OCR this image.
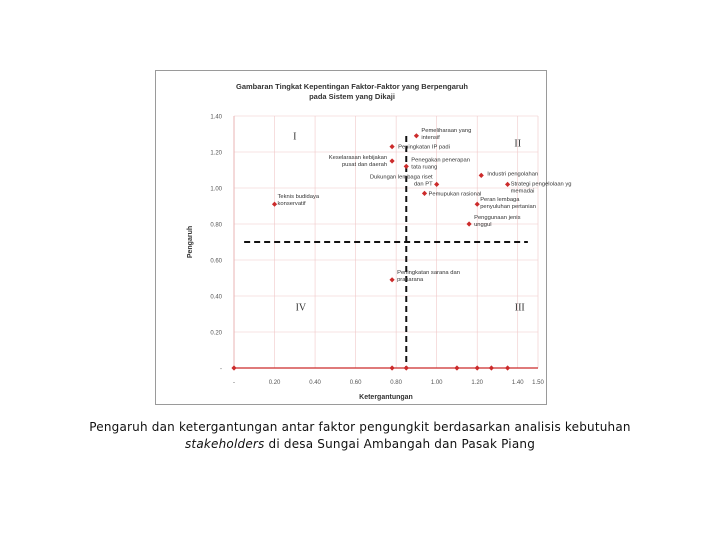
Gambaran Tingkat Kepentingan Faktor-Faktor yang Berpengaruh
pada Sistem yang Dikaji
-
0.20
0.40
0.60
0.80
1.00
1.20
1.40
-	0.20	0.40	0.60	0.80	1.00	1.20	1.40 1.50
Ketergantungan
Pengaruh
I
II
III
IV
Pemeliharaan yang
intensif
Peningkatan IP padi
Keselarasan kebijakan
pusat dan daerah
Penegakan penerapan
tata ruang
Industri pengolahan
Dukungan lembaga riset
dan PT	Strategi pengelolaan yg
memadai
Pemupukan rasional
Teknis budidaya
konservatif
Peran lembaga
penyuluhan pertanian
Penggunaan jenis
unggul
Peningkatan sarana dan
prasarana
Pengaruh dan ketergantungan antar faktor pengungkit berdasarkan analisis kebutuhan
stakeholders di desa Sungai Ambangah dan Pasak Piang
